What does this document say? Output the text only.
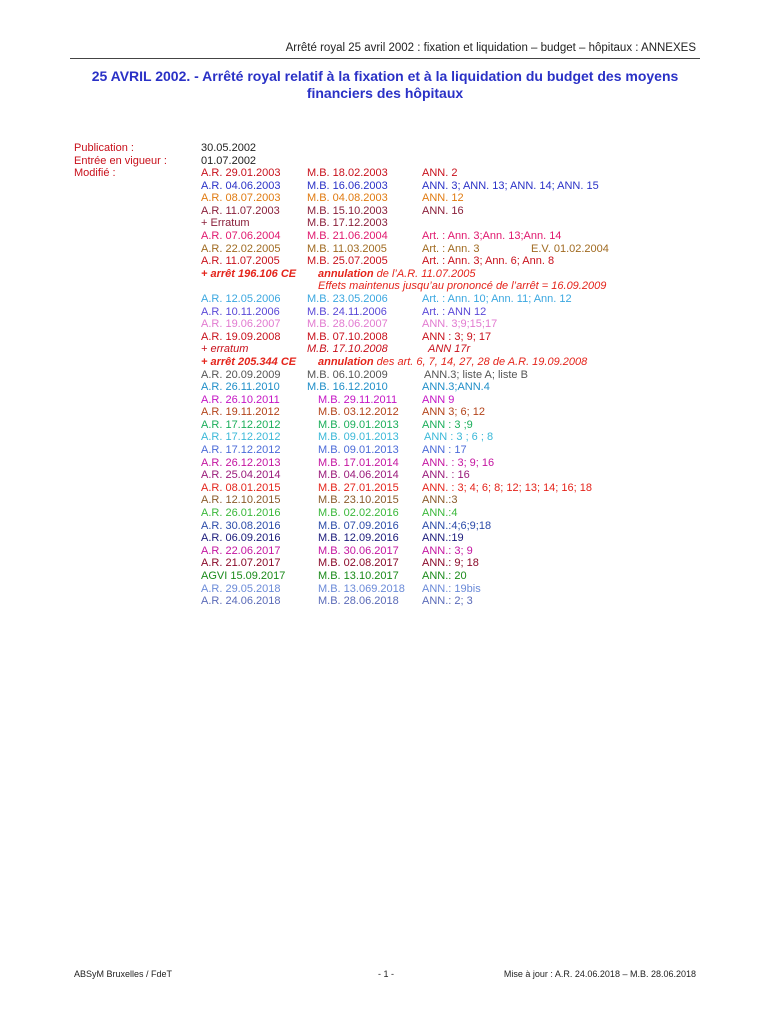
Arrêté royal 25 avril 2002 : fixation et liquidation – budget – hôpitaux : ANNEXES
25 AVRIL 2002. - Arrêté royal relatif à la fixation et à la liquidation du budget des moyens
financiers des hôpitaux
Publication :	30.05.2002
Entrée en vigueur :	01.07.2002
Modifié :	A.R. 29.01.2003 M.B. 18.02.2003	ANN. 2
A.R. 04.06.2003 M.B. 16.06.2003	ANN. 3; ANN. 13; ANN. 14; ANN. 15
A.R. 08.07.2003 M.B. 04.08.2003	ANN. 12
A.R. 11.07.2003 M.B. 15.10.2003	ANN. 16
+ Erratum	M.B. 17.12.2003
A.R. 07.06.2004 M.B. 21.06.2004	Art. : Ann. 3;Ann. 13;Ann. 14
A.R. 22.02.2005 M.B. 11.03.2005	Art. : Ann. 3	E.V. 01.02.2004
A.R. 11.07.2005 M.B. 25.07.2005	Art. : Ann. 3; Ann. 6; Ann. 8
+ arrêt 196.106 CE annulation de l’A.R. 11.07.2005
Effets maintenus jusqu’au prononcé de l’arrêt = 16.09.2009
A.R. 12.05.2006 M.B. 23.05.2006	Art. : Ann. 10; Ann. 11; Ann. 12
A.R. 10.11.2006 M.B. 24.11.2006	Art. : ANN 12
A.R. 19.06.2007 M.B. 28.06.2007	ANN. 3;9;15;17
A.R. 19.09.2008 M.B. 07.10.2008	ANN : 3; 9; 17
+ erratum	M.B. 17.10.2008	ANN 17r
+ arrêt 205.344 CE annulation des art. 6, 7, 14, 27, 28 de A.R. 19.09.2008
A.R. 20.09.2009 M.B. 06.10.2009	ANN.3; liste A; liste B
A.R. 26.11.2010 M.B. 16.12.2010	ANN.3;ANN.4
A.R. 26.10.2011	M.B. 29.11.2011 ANN 9
A.R. 19.11.2012	M.B. 03.12.2012 ANN 3; 6; 12
A.R. 17.12.2012	M.B. 09.01.2013 ANN : 3 ;9
A.R. 17.12.2012	M.B. 09.01.2013 ANN : 3 ; 6 ; 8
A.R. 17.12.2012	M.B. 09.01.2013 ANN : 17
A.R. 26.12.2013	M.B. 17.01.2014 ANN. : 3; 9; 16
A.R. 25.04.2014	M.B. 04.06.2014 ANN. : 16
A.R. 08.01.2015	M.B. 27.01.2015 ANN. : 3; 4; 6; 8; 12; 13; 14; 16; 18
A.R. 12.10.2015	M.B. 23.10.2015 ANN.:3
A.R. 26.01.2016	M.B. 02.02.2016 ANN.:4
A.R. 30.08.2016	M.B. 07.09.2016 ANN.:4;6;9;18
A.R. 06.09.2016	M.B. 12.09.2016 ANN.:19
A.R. 22.06.2017	M.B. 30.06.2017 ANN.: 3; 9
A.R. 21.07.2017	M.B. 02.08.2017 ANN.: 9; 18
AGVI 15.09.2017	M.B. 13.10.2017 ANN.: 20
A.R. 29.05.2018	M.B. 13.069.2018 ANN.: 19bis
A.R. 24.06.2018	M.B. 28.06.2018 ANN.: 2; 3
ABSyM Bruxelles / FdeT	- 1 -	Mise à jour : A.R. 24.06.2018 – M.B. 28.06.2018
